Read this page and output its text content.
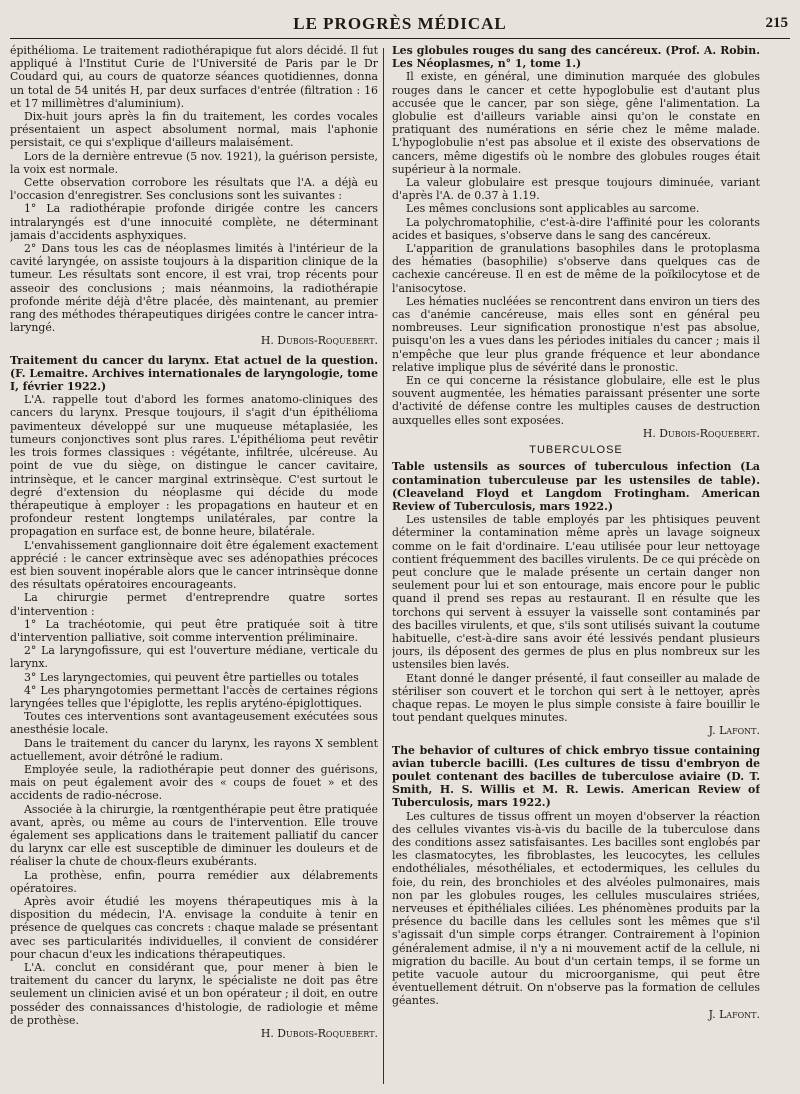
LE PROGRÈS MÉDICAL	215

épithélioma. Le traitement radiothérapique fut alors décidé. Il fut appliqué à l'Institut Curie de l'Université de Paris par le Dr Coudard qui, au cours de quatorze séances quotidiennes, donna un total de 54 unités H, par deux surfaces d'entrée (filtration : 16 et 17 millimètres d'aluminium).

Dix-huit jours après la fin du traitement, les cordes vocales présentaient un aspect absolument normal, mais l'aphonie persistait, ce qui s'explique d'ailleurs malaisément.

Lors de la dernière entrevue (5 nov. 1921), la guérison persiste, la voix est normale.

Cette observation corrobore les résultats que l'A. a déjà eu l'occasion d'enregistrer. Ses conclusions sont les suivantes :

1° La radiothérapie profonde dirigée contre les cancers intralaryngés est d'une innocuité complète, ne déterminant jamais d'accidents asphyxiques.

2° Dans tous les cas de néoplasmes limités à l'intérieur de la cavité laryngée, on assiste toujours à la disparition clinique de la tumeur. Les résultats sont encore, il est vrai, trop récents pour asseoir des conclusions ; mais néanmoins, la radiothérapie profonde mérite déjà d'être placée, dès maintenant, au premier rang des méthodes thérapeutiques dirigées contre le cancer intra-laryngé.

H. Dubois-Roquebert.

Traitement du cancer du larynx. Etat actuel de la question. (F. Lemaitre. Archives internationales de laryngologie, tome I, février 1922.)

L'A. rappelle tout d'abord les formes anatomo-cliniques des cancers du larynx. Presque toujours, il s'agit d'un épithélioma pavimenteux développé sur une muqueuse métaplasiée, les tumeurs conjonctives sont plus rares. L'épithélioma peut revêtir les trois formes classiques : végétante, infiltrée, ulcéreuse. Au point de vue du siège, on distingue le cancer cavitaire, intrinsèque, et le cancer marginal extrinsèque. C'est surtout le degré d'extension du néoplasme qui décide du mode thérapeutique à employer : les propagations en hauteur et en profondeur restent longtemps unilatérales, par contre la propagation en surface est, de bonne heure, bilatérale.

L'envahissement ganglionnaire doit être également exactement apprécié : le cancer extrinsèque avec ses adénopathies précoces est bien souvent inopérable alors que le cancer intrinsèque donne des résultats opératoires encourageants.

La chirurgie permet d'entreprendre quatre sortes d'intervention :

1° La trachéotomie, qui peut être pratiquée soit à titre d'intervention palliative, soit comme intervention préliminaire.

2° La laryngofissure, qui est l'ouverture médiane, verticale du larynx.

3° Les laryngectomies, qui peuvent être partielles ou totales

4° Les pharyngotomies permettant l'accès de certaines régions laryngées telles que l'épiglotte, les replis aryténo-épiglottiques.

Toutes ces interventions sont avantageusement exécutées sous anesthésie locale.

Dans le traitement du cancer du larynx, les rayons X semblent actuellement, avoir détrôné le radium.

Employée seule, la radiothérapie peut donner des guérisons, mais on peut également avoir des « coups de fouet » et des accidents de radio-nécrose.

Associée à la chirurgie, la rœntgenthérapie peut être pratiquée avant, après, ou même au cours de l'intervention. Elle trouve également ses applications dans le traitement palliatif du cancer du larynx car elle est susceptible de diminuer les douleurs et de réaliser la chute de choux-fleurs exubérants.

La prothèse, enfin, pourra remédier aux délabrements opératoires.

Après avoir étudié les moyens thérapeutiques mis à la disposition du médecin, l'A. envisage la conduite à tenir en présence de quelques cas concrets : chaque malade se présentant avec ses particularités individuelles, il convient de considérer pour chacun d'eux les indications thérapeutiques.

L'A. conclut en considérant que, pour mener à bien le traitement du cancer du larynx, le spécialiste ne doit pas être seulement un clinicien avisé et un bon opérateur ; il doit, en outre posséder des connaissances d'histologie, de radiologie et même de prothèse.

H. Dubois-Roquebert.

Les globules rouges du sang des cancéreux. (Prof. A. Robin. Les Néoplasmes, n° 1, tome 1.)

Il existe, en général, une diminution marquée des globules rouges dans le cancer et cette hypoglobulie est d'autant plus accusée que le cancer, par son siège, gêne l'alimentation. La globulie est d'ailleurs variable ainsi qu'on le constate en pratiquant des numérations en série chez le même malade. L'hypoglobulie n'est pas absolue et il existe des observations de cancers, même digestifs où le nombre des globules rouges était supérieur à la normale.

La valeur globulaire est presque toujours diminuée, variant d'après l'A. de 0.37 à 1.19.

Les mêmes conclusions sont applicables au sarcome.

La polychromatophilie, c'est-à-dire l'affinité pour les colorants acides et basiques, s'observe dans le sang des cancéreux.

L'apparition de granulations basophiles dans le protoplasma des hématies (basophilie) s'observe dans quelques cas de cachexie cancéreuse. Il en est de même de la poïkilocytose et de l'anisocytose.

Les hématies nucléées se rencontrent dans environ un tiers des cas d'anémie cancéreuse, mais elles sont en général peu nombreuses. Leur signification pronostique n'est pas absolue, puisqu'on les a vues dans les périodes initiales du cancer ; mais il n'empêche que leur plus grande fréquence et leur abondance relative implique plus de sévérité dans le pronostic.

En ce qui concerne la résistance globulaire, elle est le plus souvent augmentée, les hématies paraissant présenter une sorte d'activité de défense contre les multiples causes de destruction auxquelles elles sont exposées.

H. Dubois-Roquebert.

TUBERCULOSE

Table ustensils as sources of tuberculous infection (La contamination tuberculeuse par les ustensiles de table). (Cleaveland Floyd et Langdom Frotingham. American Review of Tuberculosis, mars 1922.)

Les ustensiles de table employés par les phtisiques peuvent déterminer la contamination même après un lavage soigneux comme on le fait d'ordinaire. L'eau utilisée pour leur nettoyage contient fréquemment des bacilles virulents. De ce qui précède on peut conclure que le malade présente un certain danger non seulement pour lui et son entourage, mais encore pour le public quand il prend ses repas au restaurant. Il en résulte que les torchons qui servent à essuyer la vaisselle sont contaminés par des bacilles virulents, et que, s'ils sont utilisés suivant la coutume habituelle, c'est-à-dire sans avoir été lessivés pendant plusieurs jours, ils déposent des germes de plus en plus nombreux sur les ustensiles bien lavés.

Etant donné le danger présenté, il faut conseiller au malade de stériliser son couvert et le torchon qui sert à le nettoyer, après chaque repas. Le moyen le plus simple consiste à faire bouillir le tout pendant quelques minutes.

J. Lafont.

The behavior of cultures of chick embryo tissue containing avian tubercle bacilli. (Les cultures de tissu d'embryon de poulet contenant des bacilles de tuberculose aviaire (D. T. Smith, H. S. Willis et M. R. Lewis. American Review of Tuberculosis, mars 1922.)

Les cultures de tissus offrent un moyen d'observer la réaction des cellules vivantes vis-à-vis du bacille de la tuberculose dans des conditions assez satisfaisantes. Les bacilles sont englobés par les clasmatocytes, les fibroblastes, les leucocytes, les cellules endothéliales, mésothéliales, et ectodermiques, les cellules du foie, du rein, des bronchioles et des alvéoles pulmonaires, mais non par les globules rouges, les cellules musculaires striées, nerveuses et épithéliales ciliées. Les phénomènes produits par la présence du bacille dans les cellules sont les mêmes que s'il s'agissait d'un simple corps étranger. Contrairement à l'opinion généralement admise, il n'y a ni mouvement actif de la cellule, ni migration du bacille. Au bout d'un certain temps, il se forme un petite vacuole autour du microorganisme, qui peut être éventuellement détruit. On n'observe pas la formation de cellules géantes.

J. Lafont.
